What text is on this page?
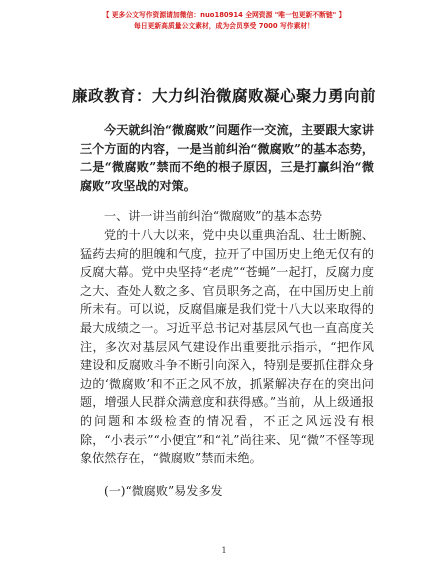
【 更多公文写作资源请加微信：nuo180914 全网资源 "唯一包更新不断链" 】
每日更新高质量公文素材，成为会员享受 7000 写作素材！
廉政教育：大力纠治微腐败凝心聚力勇向前

今天就纠治“微腐败”问题作一交流，主要跟大家讲三个方面的内容，一是当前纠治“微腐败”的基本态势，二是“微腐败”禁而不绝的根子原因，三是打赢纠治“微腐败”攻坚战的对策。

一、讲一讲当前纠治“微腐败”的基本态势

党的十八大以来，党中央以重典治乱、壮士断腕、猛药去疴的胆魄和气度，拉开了中国历史上绝无仅有的反腐大幕。党中央坚持“老虎”“苍蝇”一起打，反腐力度之大、查处人数之多、官员职务之高，在中国历史上前所未有。可以说，反腐倡廉是我们党十八大以来取得的最大成绩之一。习近平总书记对基层风气也一直高度关注，多次对基层风气建设作出重要批示指示，“把作风建设和反腐败斗争不断引向深入，特别是要抓住群众身边的‘微腐败’和不正之风不放，抓紧解决存在的突出问题，增强人民群众满意度和获得感。”当前，从上级通报的问题和本级检查的情况看，不正之风远没有根除，“小表示”“小便宜”和“礼”尚往来、见“微”不怪等现象依然存在，“微腐败”禁而未绝。

(一)“微腐败”易发多发

1
